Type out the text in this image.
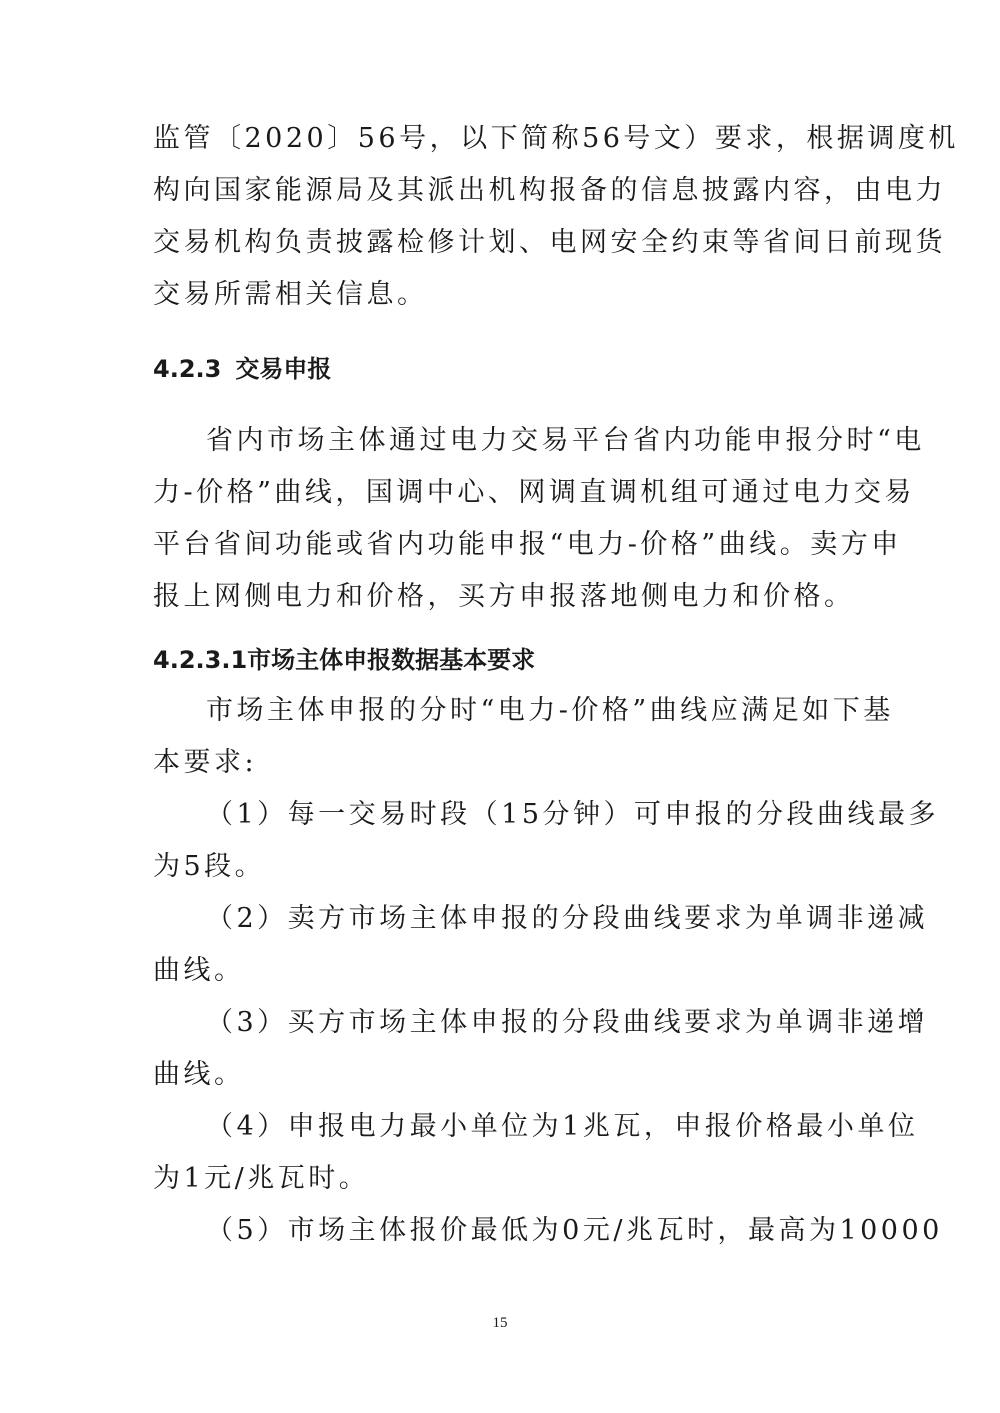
监管〔2020〕56号，以下简称56号文）要求，根据调度机
构向国家能源局及其派出机构报备的信息披露内容，由电力
交易机构负责披露检修计划、电网安全约束等省间日前现货
交易所需相关信息。
4.2.3 交易申报
省内市场主体通过电力交易平台省内功能申报分时“电
力-价格”曲线，国调中心、网调直调机组可通过电力交易
平台省间功能或省内功能申报“电力-价格”曲线。卖方申
报上网侧电力和价格，买方申报落地侧电力和价格。
4.2.3.1市场主体申报数据基本要求
市场主体申报的分时“电力-价格”曲线应满足如下基
本要求:
（1）每一交易时段（15分钟）可申报的分段曲线最多
为5段。
（2）卖方市场主体申报的分段曲线要求为单调非递减
曲线。
（3）买方市场主体申报的分段曲线要求为单调非递增
曲线。
（4）申报电力最小单位为1兆瓦，申报价格最小单位
为1元/兆瓦时。
（5）市场主体报价最低为0元/兆瓦时，最高为10000
15
